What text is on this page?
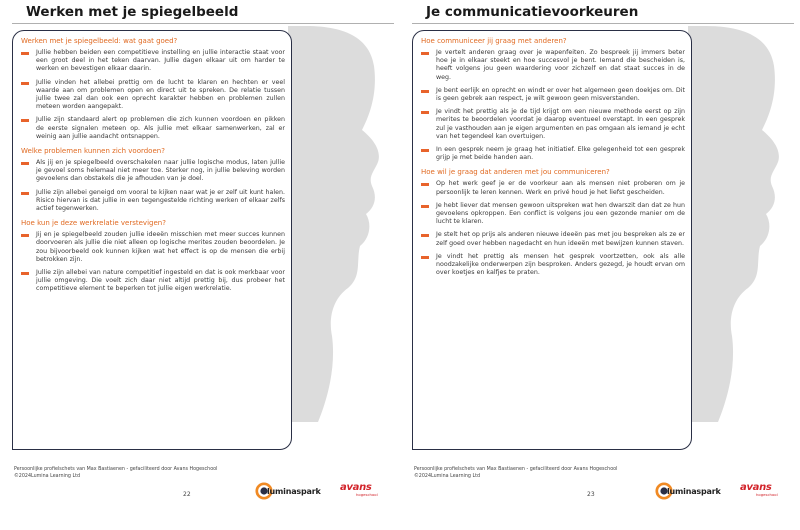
Werken met je spiegelbeeld
Werken met je spiegelbeeld: wat gaat goed?
Jullie hebben beiden een competitieve instelling en jullie interactie staat voor een groot deel in het teken daarvan. Jullie dagen elkaar uit om harder te werken en bevestigen elkaar daarin.
Jullie vinden het allebei prettig om de lucht te klaren en hechten er veel waarde aan om problemen open en direct uit te spreken. De relatie tussen jullie twee zal dan ook een oprecht karakter hebben en problemen zullen meteen worden aangepakt.
Jullie zijn standaard alert op problemen die zich kunnen voordoen en pikken de eerste signalen meteen op. Als jullie met elkaar samenwerken, zal er weinig aan jullie aandacht ontsnappen.
Welke problemen kunnen zich voordoen?
Als jij en je spiegelbeeld overschakelen naar jullie logische modus, laten jullie je gevoel soms helemaal niet meer toe. Sterker nog, in jullie beleving worden gevoelens dan obstakels die je afhouden van je doel.
Jullie zijn allebei geneigd om vooral te kijken naar wat je er zelf uit kunt halen. Risico hiervan is dat jullie in een tegengestelde richting werken of elkaar zelfs actief tegenwerken.
Hoe kun je deze werkrelatie verstevigen?
Jij en je spiegelbeeld zouden jullie ideeën misschien met meer succes kunnen doorvoeren als jullie die niet alleen op logische merites zouden beoordelen. Je zou bijvoorbeeld ook kunnen kijken wat het effect is op de mensen die erbij betrokken zijn.
Jullie zijn allebei van nature competitief ingesteld en dat is ook merkbaar voor jullie omgeving. Die voelt zich daar niet altijd prettig bij, dus probeer het competitieve element te beperken tot jullie eigen werkrelatie.
Persoonlijke profielschets van Max Bastiaenen - gefaciliteerd door Avans Hogeschool
©2024Lumina Learning Ltd
22	luminaspark avans
hogeschool
Je communicatievoorkeuren
Hoe communiceer jij graag met anderen?
Je vertelt anderen graag over je wapenfeiten. Zo bespreek jij immers beter hoe je in elkaar steekt en hoe succesvol je bent. Iemand die bescheiden is, heeft volgens jou geen waardering voor zichzelf en dat staat succes in de weg.
Je bent eerlijk en oprecht en windt er over het algemeen geen doekjes om. Dit is geen gebrek aan respect, je wilt gewoon geen misverstanden.
Je vindt het prettig als je de tijd krijgt om een nieuwe methode eerst op zijn merites te beoordelen voordat je daarop eventueel overstapt. In een gesprek zul je vasthouden aan je eigen argumenten en pas omgaan als iemand je echt van het tegendeel kan overtuigen.
In een gesprek neem je graag het initiatief. Elke gelegenheid tot een gesprek grijp je met beide handen aan.
Hoe wil je graag dat anderen met jou communiceren?
Op het werk geef je er de voorkeur aan als mensen niet proberen om je persoonlijk te leren kennen. Werk en privé houd je het liefst gescheiden.
Je hebt liever dat mensen gewoon uitspreken wat hen dwarszit dan dat ze hun gevoelens opkroppen. Een conflict is volgens jou een gezonde manier om de lucht te klaren.
Je stelt het op prijs als anderen nieuwe ideeën pas met jou bespreken als ze er zelf goed over hebben nagedacht en hun ideeën met bewijzen kunnen staven.
Je vindt het prettig als mensen het gesprek voortzetten, ook als alle noodzakelijke onderwerpen zijn besproken. Anders gezegd, je houdt ervan om over koetjes en kalfjes te praten.
Persoonlijke profielschets van Max Bastiaenen - gefaciliteerd door Avans Hogeschool
©2024Lumina Learning Ltd
23	luminaspark avans
hogeschool
